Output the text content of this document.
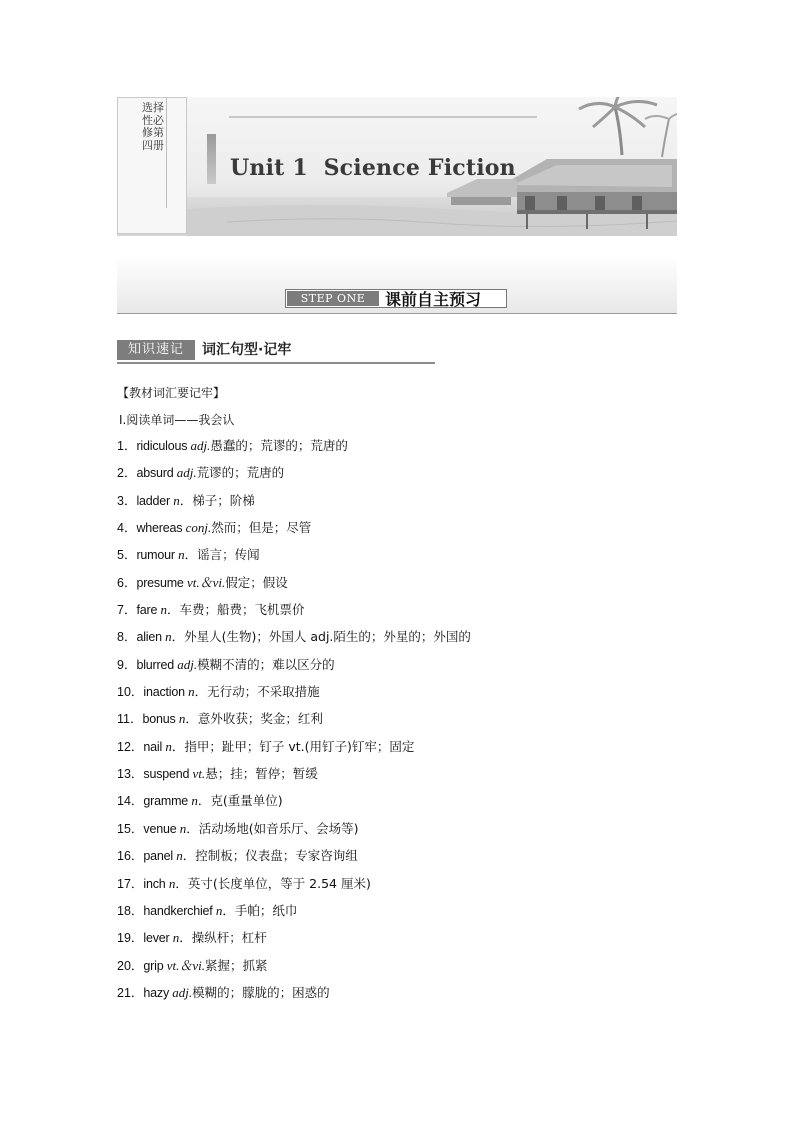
选择性必修第四册
Unit 1  Science Fiction
STEP ONE	课前自主预习
知识速记	词汇句型·记牢
【教材词汇要记牢】
Ⅰ.阅读单词——我会认
1．ridiculous adj.愚蠢的；荒谬的；荒唐的
2．absurd adj.荒谬的；荒唐的
3．ladder n．梯子；阶梯
4．whereas conj.然而；但是；尽管
5．rumour n．谣言；传闻
6．presume vt.＆vi.假定；假设
7．fare n．车费；船费；飞机票价
8．alien n．外星人(生物)；外国人 adj.陌生的；外星的；外国的
9．blurred adj.模糊不清的；难以区分的
10．inaction n．无行动；不采取措施
11．bonus n．意外收获；奖金；红利
12．nail n．指甲；趾甲；钉子 vt.(用钉子)钉牢；固定
13．suspend vt.悬；挂；暂停；暂缓
14．gramme n．克(重量单位)
15．venue n．活动场地(如音乐厅、会场等)
16．panel n．控制板；仪表盘；专家咨询组
17．inch n．英寸(长度单位，等于 2.54 厘米)
18．handkerchief n．手帕；纸巾
19．lever n．操纵杆；杠杆
20．grip vt.＆vi.紧握；抓紧
21．hazy adj.模糊的；朦胧的；困惑的
